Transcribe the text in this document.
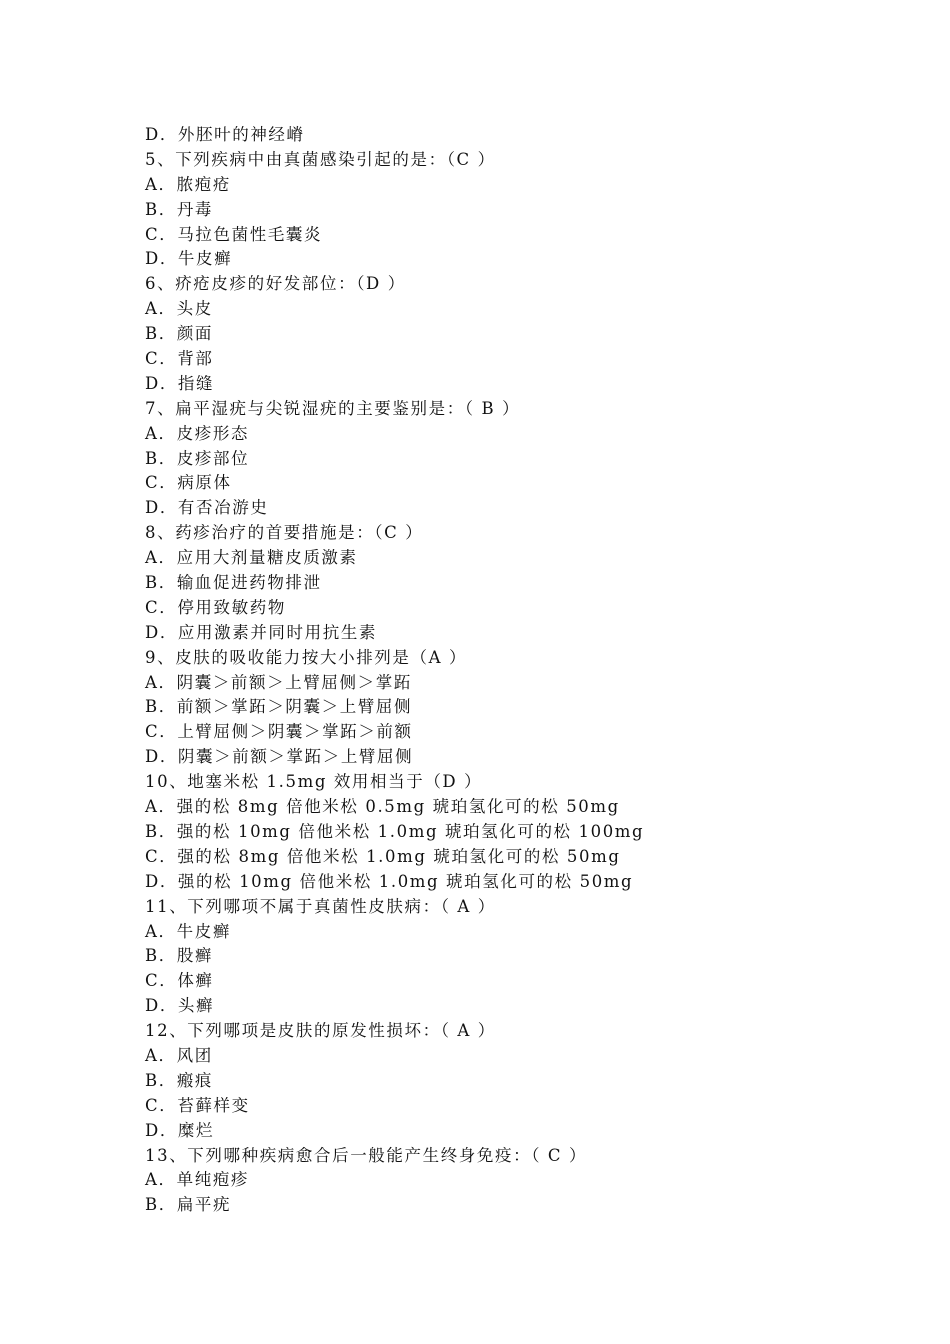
D．外胚叶的神经嵴
5、下列疾病中由真菌感染引起的是：（C ）
A．脓疱疮
B．丹毒
C．马拉色菌性毛囊炎
D．牛皮癣
6、疥疮皮疹的好发部位：（D ）
A．头皮
B．颜面
C．背部
D．指缝
7、扁平湿疣与尖锐湿疣的主要鉴别是：（ B ）
A．皮疹形态
B．皮疹部位
C．病原体
D．有否冶游史
8、药疹治疗的首要措施是：（C ）
A．应用大剂量糖皮质激素
B．输血促进药物排泄
C．停用致敏药物
D．应用激素并同时用抗生素
9、皮肤的吸收能力按大小排列是（A ）
A．阴囊＞前额＞上臂屈侧＞掌跖
B．前额＞掌跖＞阴囊＞上臂屈侧
C．上臂屈侧＞阴囊＞掌跖＞前额
D．阴囊＞前额＞掌跖＞上臂屈侧
10、地塞米松 1.5mg 效用相当于（D ）
A．强的松 8mg 倍他米松 0.5mg 琥珀氢化可的松 50mg
B．强的松 10mg 倍他米松 1.0mg 琥珀氢化可的松 100mg
C．强的松 8mg 倍他米松 1.0mg 琥珀氢化可的松 50mg
D．强的松 10mg 倍他米松 1.0mg 琥珀氢化可的松 50mg
11、下列哪项不属于真菌性皮肤病：（ A ）
A．牛皮癣
B．股癣
C．体癣
D．头癣
12、下列哪项是皮肤的原发性损坏：（ A ）
A．风团
B．瘢痕
C．苔藓样变
D．糜烂
13、下列哪种疾病愈合后一般能产生终身免疫：（ C ）
A．单纯疱疹
B．扁平疣
